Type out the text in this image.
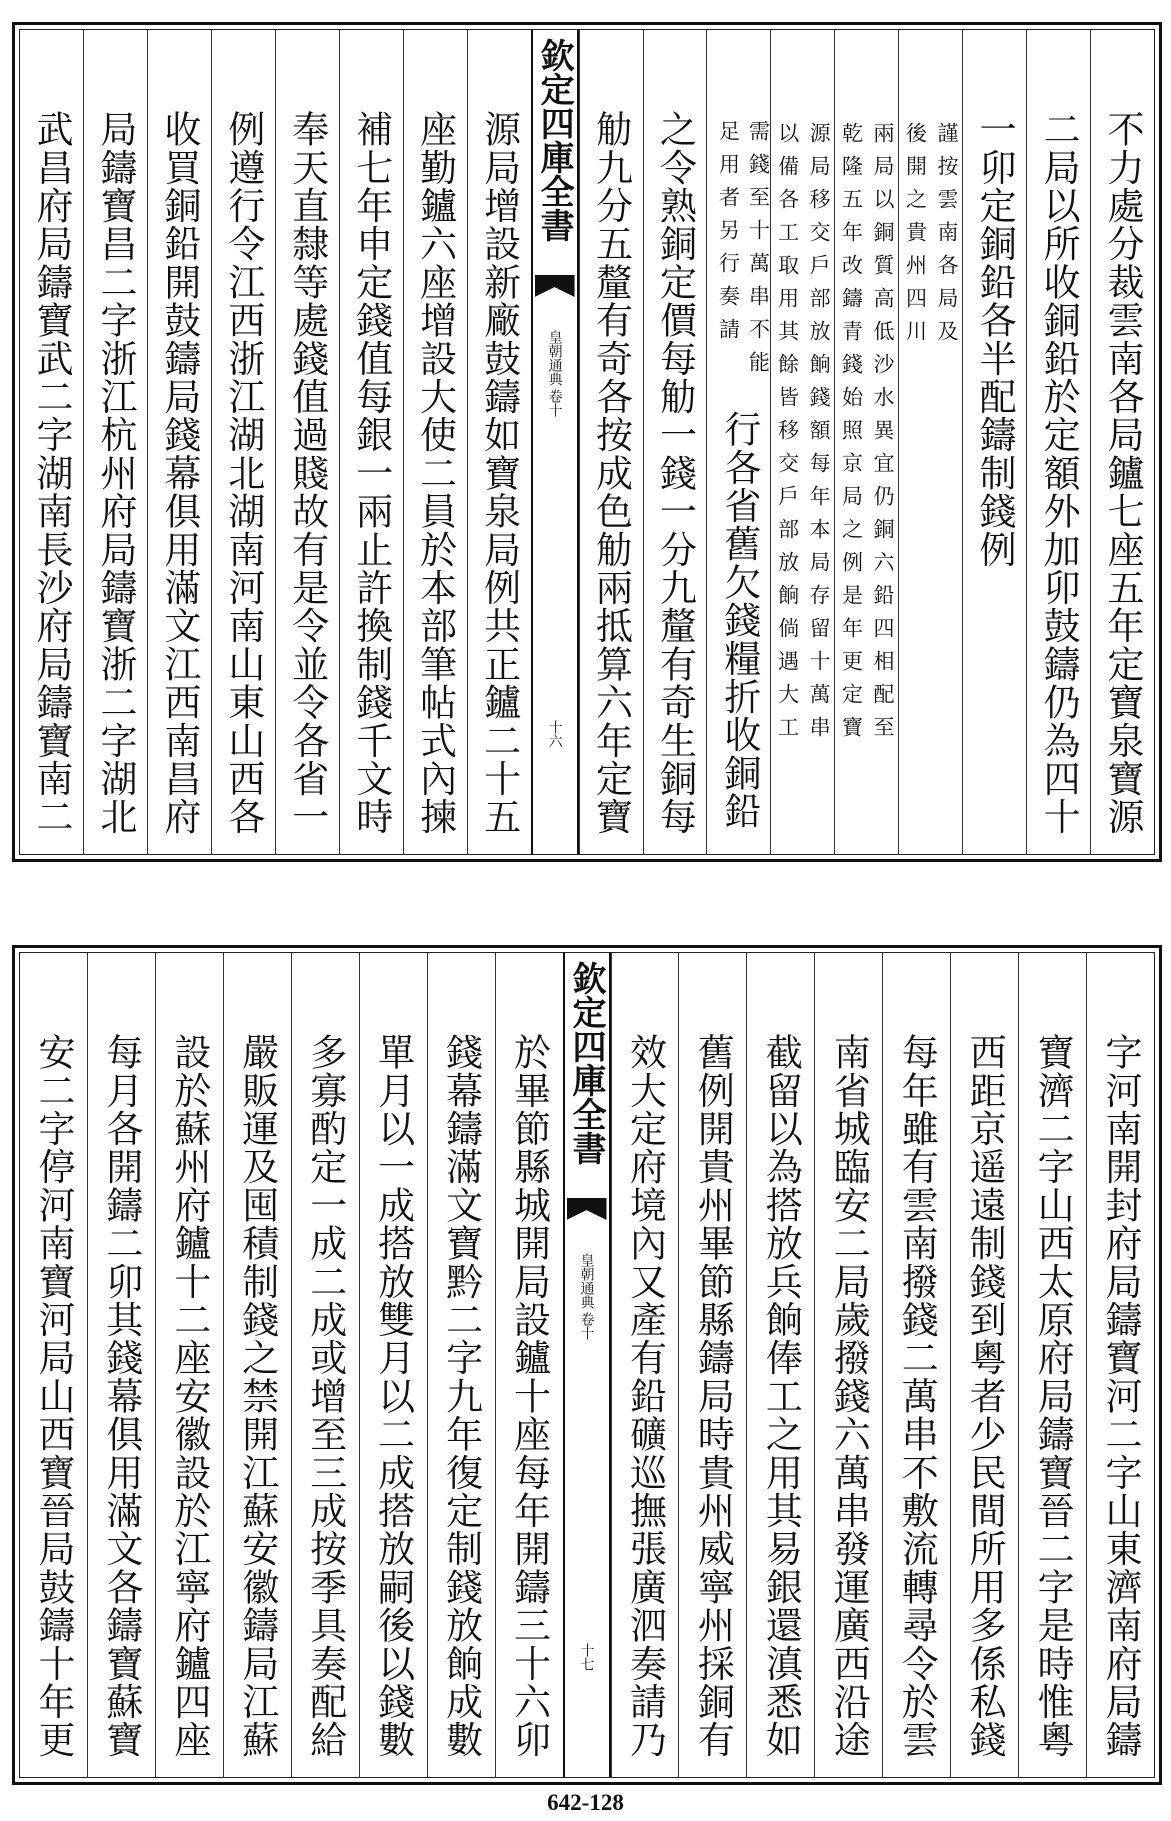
不力處分裁雲南各局鑪七座五年定寶泉寶源
二局以所收銅鉛於定額外加卯鼓鑄仍為四十
一卯定銅鉛各半配鑄制錢例
謹按雲南各局及
後開之貴州四川
兩局以銅質高低沙水異宜仍銅六鉛四相配至
乾隆五年改鑄青錢始照京局之例是年更定寶
源局移交戶部放餉錢額每年本局存留十萬串
以備各工取用其餘皆移交戶部放餉倘遇大工
需錢至十萬串不能
足用者另行奏請
行各省舊欠錢糧折收銅鉛
之令熟銅定價每觔一錢一分九釐有奇生銅每
觔九分五釐有奇各按成色觔兩抵算六年定寶
欽定四庫全書
皇朝通典
卷十
十六
源局增設新廠鼓鑄如寶泉局例共正鑪二十五
座勤鑪六座增設大使二員於本部筆帖式內揀
補七年申定錢值每銀一兩止許換制錢千文時
奉天直隸等處錢值過賤故有是令並令各省一
例遵行令江西浙江湖北湖南河南山東山西各
收買銅鉛開鼓鑄局錢幕俱用滿文江西南昌府
局鑄寶昌二字浙江杭州府局鑄寶浙二字湖北
武昌府局鑄寶武二字湖南長沙府局鑄寶南二
字河南開封府局鑄寶河二字山東濟南府局鑄
寶濟二字山西太原府局鑄寶晉二字是時惟粵
西距京遥遠制錢到粵者少民間所用多係私錢
每年雖有雲南撥錢二萬串不敷流轉尋令於雲
南省城臨安二局歲撥錢六萬串發運廣西沿途
截留以為搭放兵餉俸工之用其易銀還滇悉如
舊例開貴州畢節縣鑄局時貴州威寧州採銅有
效大定府境內又產有鉛礦巡撫張廣泗奏請乃
欽定四庫全書
皇朝通典
卷十
十七
於畢節縣城開局設鑪十座每年開鑄三十六卯
錢幕鑄滿文寶黔二字九年復定制錢放餉成數
單月以一成搭放雙月以二成搭放嗣後以錢數
多寡酌定一成二成或增至三成按季具奏配給
嚴販運及囤積制錢之禁開江蘇安徽鑄局江蘇
設於蘇州府鑪十二座安徽設於江寧府鑪四座
每月各開鑄二卯其錢幕俱用滿文各鑄寶蘇寶
安二字停河南寶河局山西寶晉局鼓鑄十年更
642-128
